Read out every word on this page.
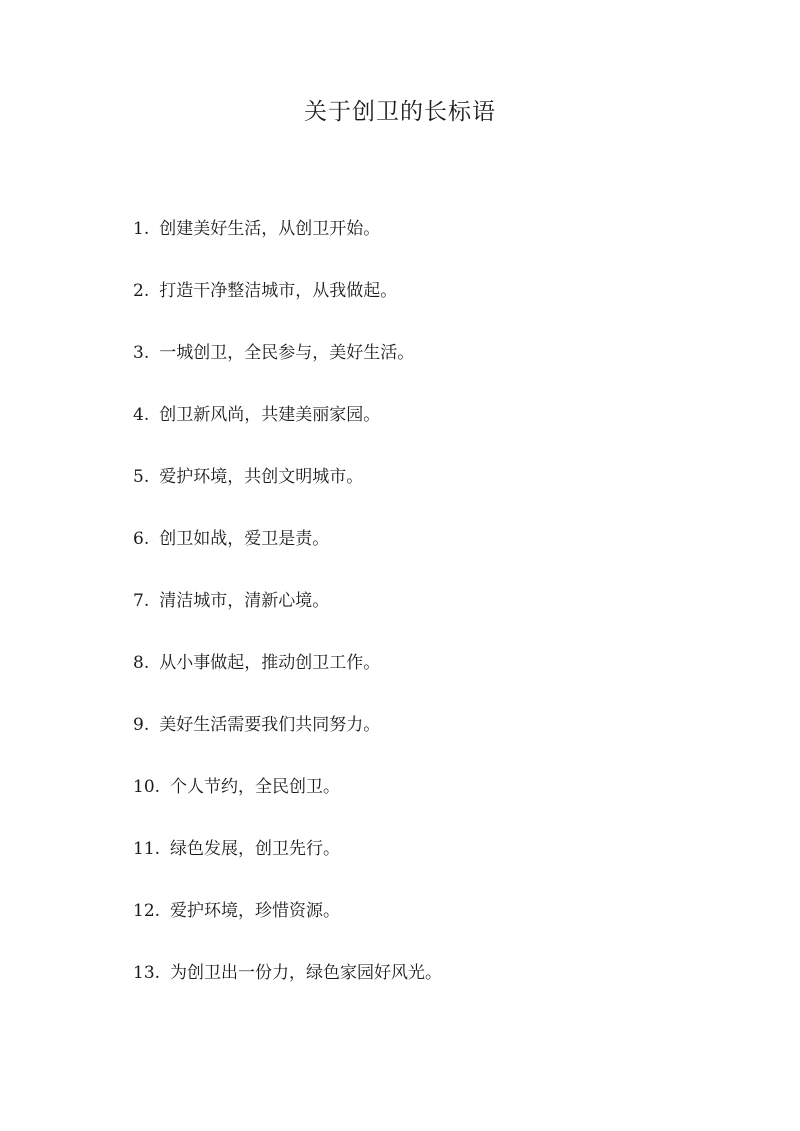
关于创卫的长标语
1. 创建美好生活，从创卫开始。
2. 打造干净整洁城市，从我做起。
3. 一城创卫，全民参与，美好生活。
4. 创卫新风尚，共建美丽家园。
5. 爱护环境，共创文明城市。
6. 创卫如战，爱卫是责。
7. 清洁城市，清新心境。
8. 从小事做起，推动创卫工作。
9. 美好生活需要我们共同努力。
10. 个人节约，全民创卫。
11. 绿色发展，创卫先行。
12. 爱护环境，珍惜资源。
13. 为创卫出一份力，绿色家园好风光。
